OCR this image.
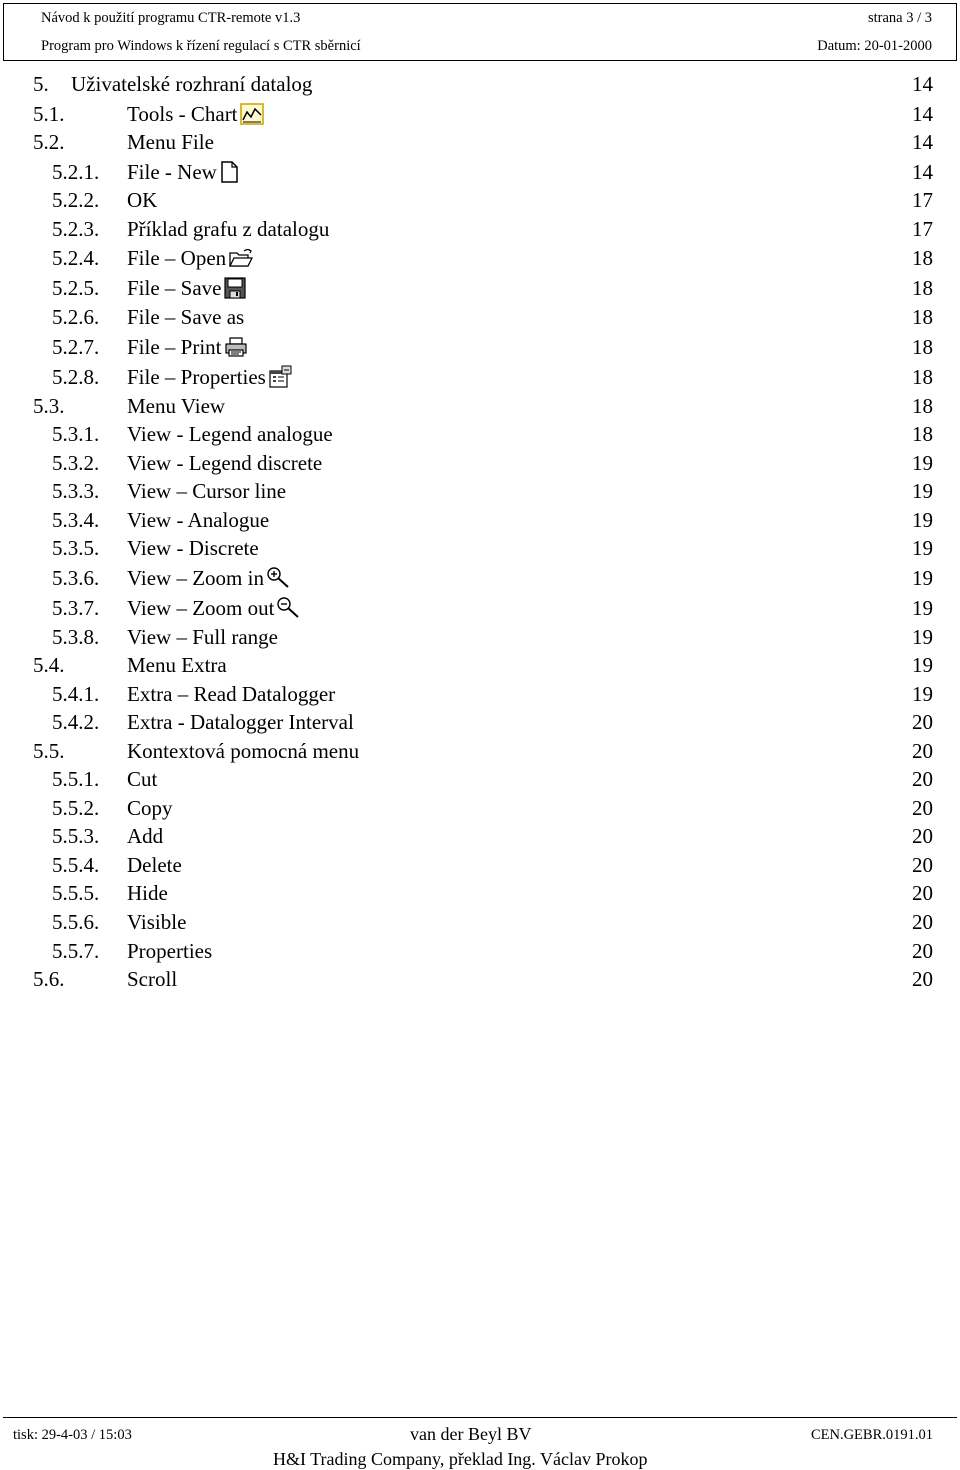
Návod k použití programu CTR-remote v1.3	strana 3 / 3
Program pro Windows k řízení regulací s CTR sběrnicí	Datum: 20-01-2000
5. Uživatelské rozhraní datalog	14
5.1.	Tools - Chart	14
5.2.	Menu File	14
5.2.1. File - New	14
5.2.2. OK	17
5.2.3. Příklad grafu z datalogu	17
5.2.4. File – Open	18
5.2.5. File – Save	18
5.2.6. File – Save as	18
5.2.7. File – Print	18
5.2.8. File – Properties	18
5.3.	Menu View	18
5.3.1. View - Legend analogue	18
5.3.2. View - Legend discrete	19
5.3.3. View – Cursor line	19
5.3.4. View - Analogue	19
5.3.5. View - Discrete	19
5.3.6. View – Zoom in	19
5.3.7. View – Zoom out	19
5.3.8. View – Full range	19
5.4.	Menu Extra	19
5.4.1. Extra – Read Datalogger	19
5.4.2. Extra - Datalogger Interval	20
5.5.	Kontextová pomocná menu	20
5.5.1. Cut	20
5.5.2. Copy	20
5.5.3. Add	20
5.5.4. Delete	20
5.5.5. Hide	20
5.5.6. Visible	20
5.5.7. Properties	20
5.6.	Scroll	20
tisk: 29-4-03 / 15:03	van der Beyl BV
H&I Trading Company, překlad Ing. Václav Prokop
CEN.GEBR.0191.01
